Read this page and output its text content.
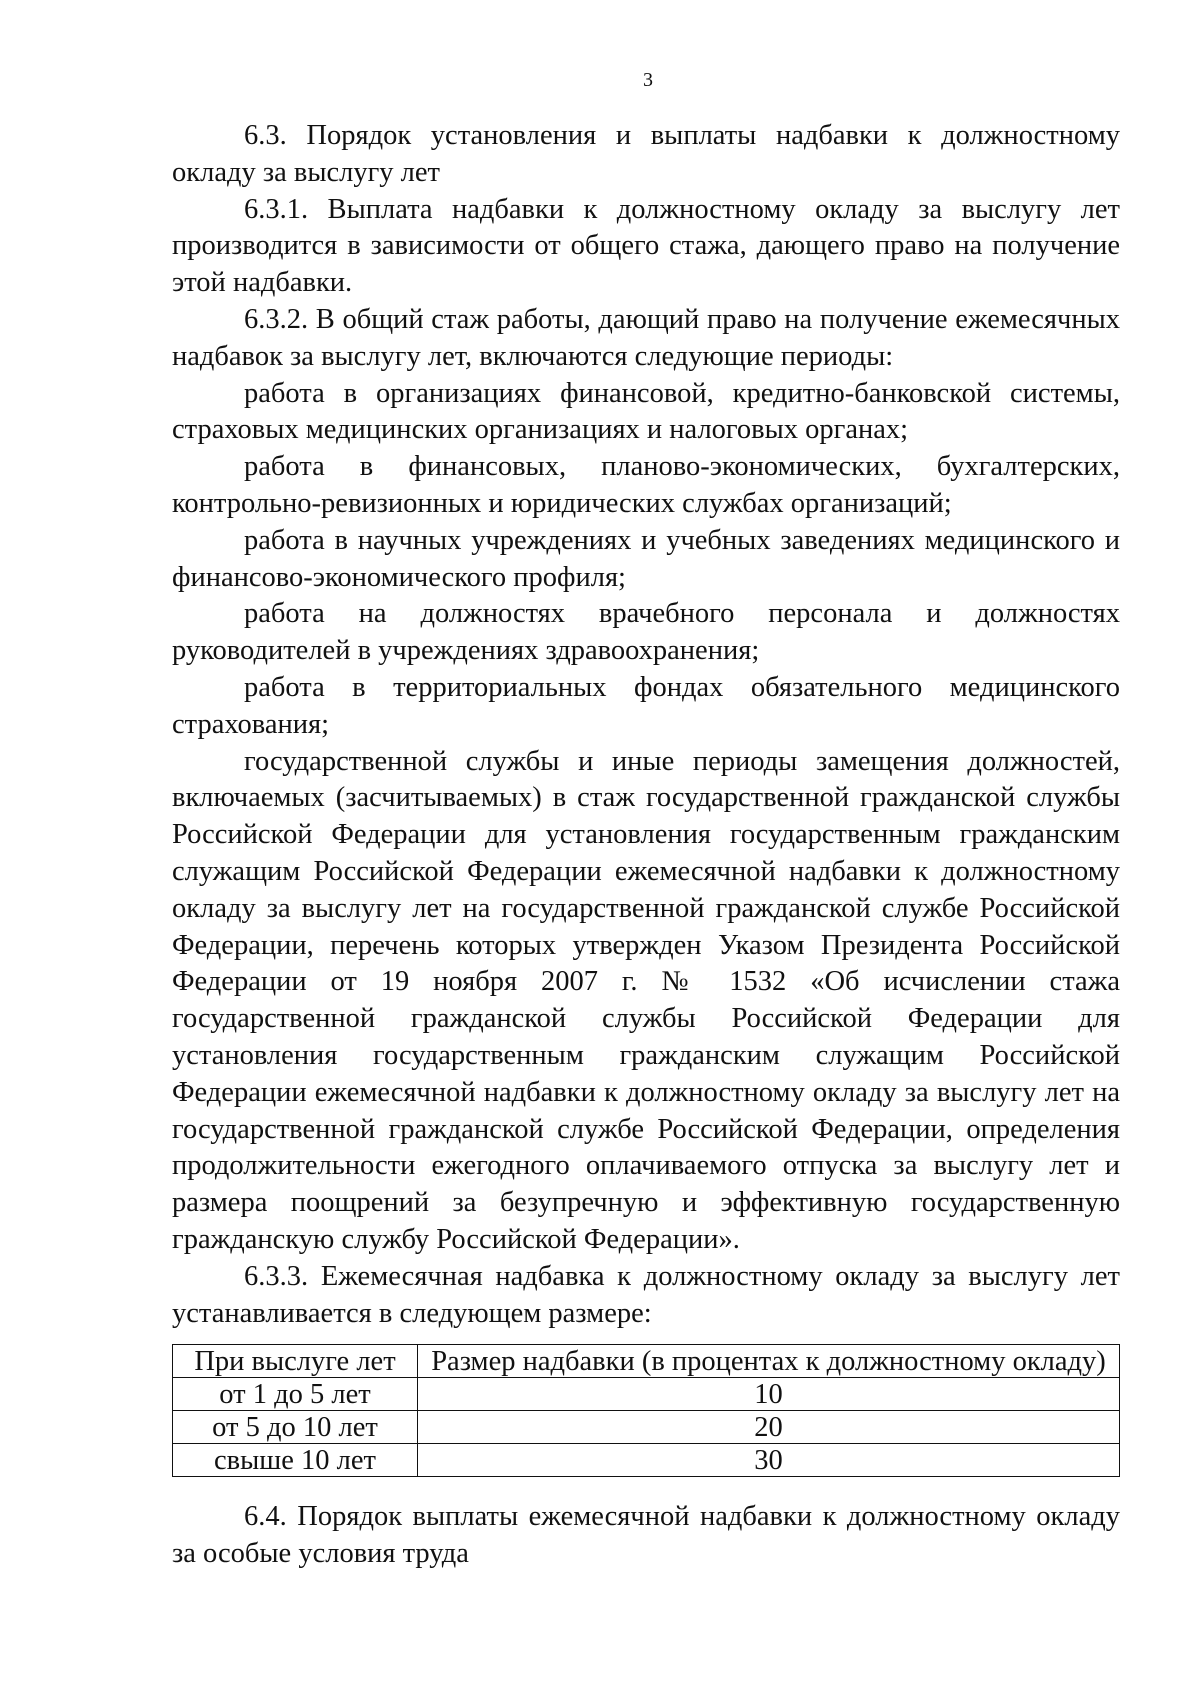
3

6.3. Порядок установления и выплаты надбавки к должностному окладу за выслугу лет

6.3.1. Выплата надбавки к должностному окладу за выслугу лет производится в зависимости от общего стажа, дающего право на получение этой надбавки.

6.3.2. В общий стаж работы, дающий право на получение ежемесячных надбавок за выслугу лет, включаются следующие периоды:

работа в организациях финансовой, кредитно-банковской системы, страховых медицинских организациях и налоговых органах;

работа в финансовых, планово-экономических, бухгалтерских, контрольно-ревизионных и юридических службах организаций;

работа в научных учреждениях и учебных заведениях медицинского и финансово-экономического профиля;

работа на должностях врачебного персонала и должностях руководителей в учреждениях здравоохранения;

работа в территориальных фондах обязательного медицинского страхования;

государственной службы и иные периоды замещения должностей, включаемых (засчитываемых) в стаж государственной гражданской службы Российской Федерации для установления государственным гражданским служащим Российской Федерации ежемесячной надбавки к должностному окладу за выслугу лет на государственной гражданской службе Российской Федерации, перечень которых утвержден Указом Президента Российской Федерации от 19 ноября 2007 г. № 1532 «Об исчислении стажа государственной гражданской службы Российской Федерации для установления государственным гражданским служащим Российской Федерации ежемесячной надбавки к должностному окладу за выслугу лет на государственной гражданской службе Российской Федерации, определения продолжительности ежегодного оплачиваемого отпуска за выслугу лет и размера поощрений за безупречную и эффективную государственную гражданскую службу Российской Федерации».

6.3.3. Ежемесячная надбавка к должностному окладу за выслугу лет устанавливается в следующем размере:

При выслуге лет	Размер надбавки (в процентах к должностному окладу)
от 1 до 5 лет	10
от 5 до 10 лет	20
свыше 10 лет	30

6.4. Порядок выплаты ежемесячной надбавки к должностному окладу за особые условия труда
